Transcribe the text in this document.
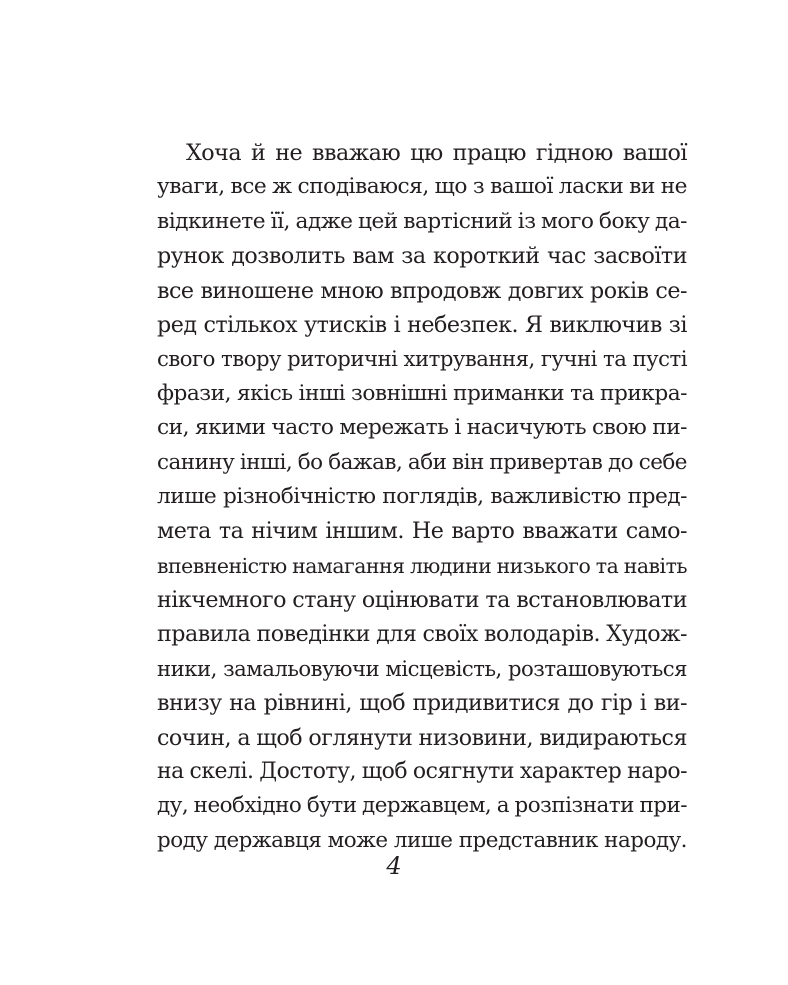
Хоча й не вважаю цю працю гідною вашої
уваги, все ж сподіваюся, що з вашої ласки ви не
відкинете її, адже цей вартісний із мого боку да-
рунок дозволить вам за короткий час засвоїти
все виношене мною впродовж довгих років се-
ред стількох утисків і небезпек. Я виключив зі
свого твору риторичні хитрування, гучні та пусті
фрази, якісь інші зовнішні приманки та прикра-
си, якими часто мережать і насичують свою пи-
санину інші, бо бажав, аби він привертав до себе
лише різнобічністю поглядів, важливістю пред-
мета та нічим іншим. Не варто вважати само-
впевненістю намагання людини низького та навіть
нікчемного стану оцінювати та встановлювати
правила поведінки для своїх володарів. Худож-
ники, замальовуючи місцевість, розташовуються
внизу на рівнині, щоб придивитися до гір і ви-
сочин, а щоб оглянути низовини, видираються
на скелі. Достоту, щоб осягнути характер наро-
ду, необхідно бути державцем, а розпізнати при-
роду державця може лише представник народу.
4
